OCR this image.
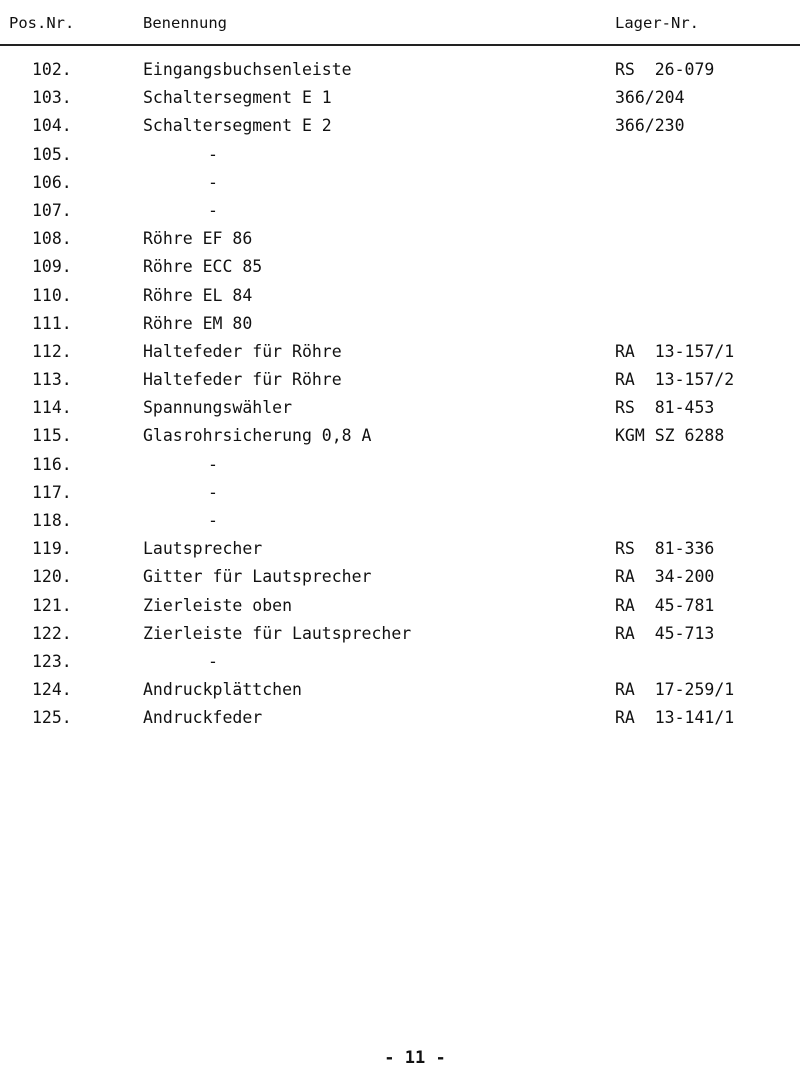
Pos.Nr.	Benennung	Lager-Nr.
102.	Eingangsbuchsenleiste	RS  26-079
103.	Schaltersegment E 1	366/204
104.	Schaltersegment E 2	366/230
105.	-
106.	-
107.	-
108.	Röhre EF 86
109.	Röhre ECC 85
110.	Röhre EL 84
111.	Röhre EM 80
112.	Haltefeder für Röhre	RA  13-157/1
113.	Haltefeder für Röhre	RA  13-157/2
114.	Spannungswähler	RS  81-453
115.	Glasrohrsicherung 0,8 A	KGM SZ 6288
116.	-
117.	-
118.	-
119.	Lautsprecher	RS  81-336
120.	Gitter für Lautsprecher	RA  34-200
121.	Zierleiste oben	RA  45-781
122.	Zierleiste für Lautsprecher	RA  45-713
123.	-
124.	Andruckplättchen	RA  17-259/1
125.	Andruckfeder	RA  13-141/1
- 11 -
